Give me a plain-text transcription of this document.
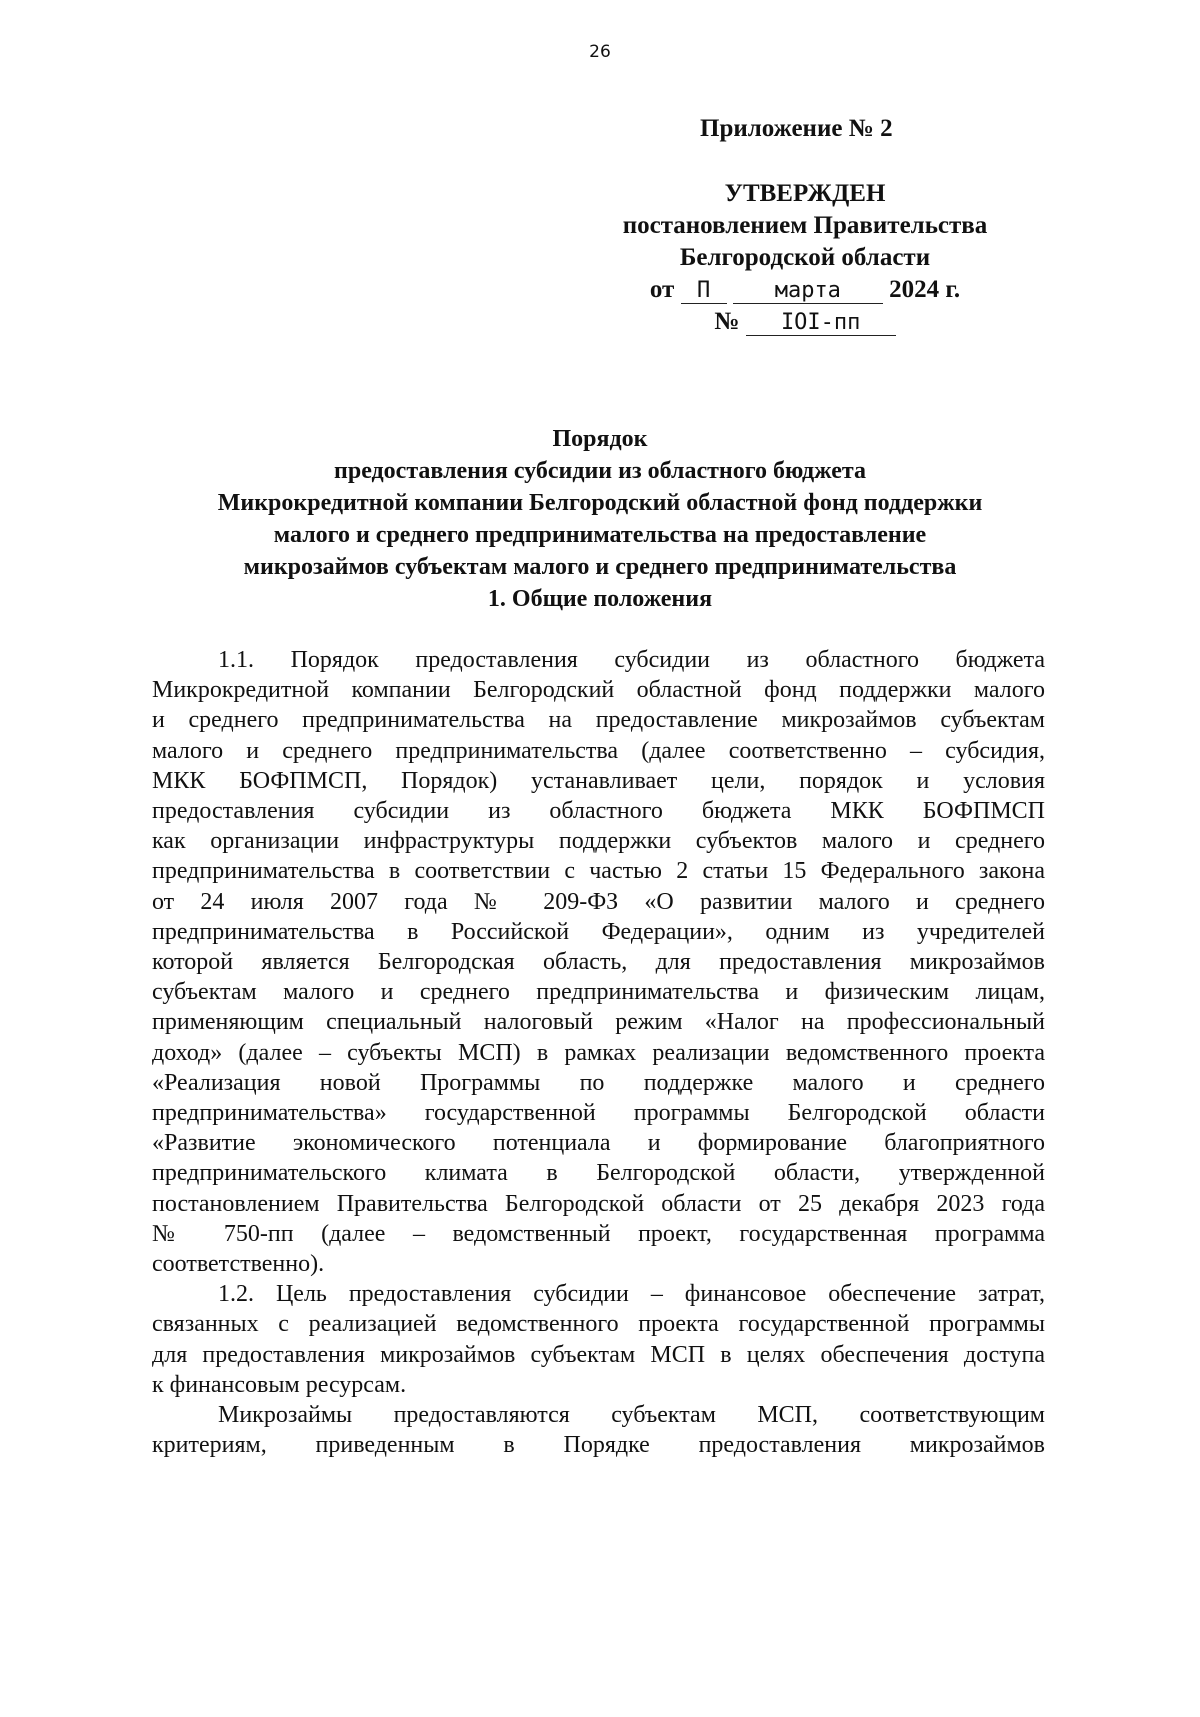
26
Приложение № 2
УТВЕРЖДЕН
постановлением Правительства
Белгородской области
от П	марта 2024 г.
№ IOI-пп
Порядок
предоставления субсидии из областного бюджета
Микрокредитной компании Белгородский областной фонд поддержки
малого и среднего предпринимательства на предоставление
микрозаймов субъектам малого и среднего предпринимательства
1. Общие положения
1.1. Порядок предоставления субсидии из областного бюджета
Микрокредитной компании Белгородский областной фонд поддержки малого
и среднего предпринимательства на предоставление микрозаймов субъектам
малого и среднего предпринимательства (далее соответственно – субсидия,
МКК БОФПМСП, Порядок) устанавливает цели, порядок и условия
предоставления субсидии из областного бюджета МКК БОФПМСП
как организации инфраструктуры поддержки субъектов малого и среднего
предпринимательства в соответствии с частью 2 статьи 15 Федерального закона
от 24 июля 2007 года № 209-ФЗ «О развитии малого и среднего
предпринимательства в Российской Федерации», одним из учредителей
которой является Белгородская область, для предоставления микрозаймов
субъектам малого и среднего предпринимательства и физическим лицам,
применяющим специальный налоговый режим «Налог на профессиональный
доход» (далее – субъекты МСП) в рамках реализации ведомственного проекта
«Реализация новой Программы по поддержке малого и среднего
предпринимательства» государственной программы Белгородской области
«Развитие экономического потенциала и формирование благоприятного
предпринимательского климата в Белгородской области, утвержденной
постановлением Правительства Белгородской области от 25 декабря 2023 года
№ 750-пп (далее – ведомственный проект, государственная программа
соответственно).
1.2. Цель предоставления субсидии – финансовое обеспечение затрат,
связанных с реализацией ведомственного проекта государственной программы
для предоставления микрозаймов субъектам МСП в целях обеспечения доступа
к финансовым ресурсам.
Микрозаймы предоставляются субъектам МСП, соответствующим
критериям, приведенным в Порядке предоставления микрозаймов
